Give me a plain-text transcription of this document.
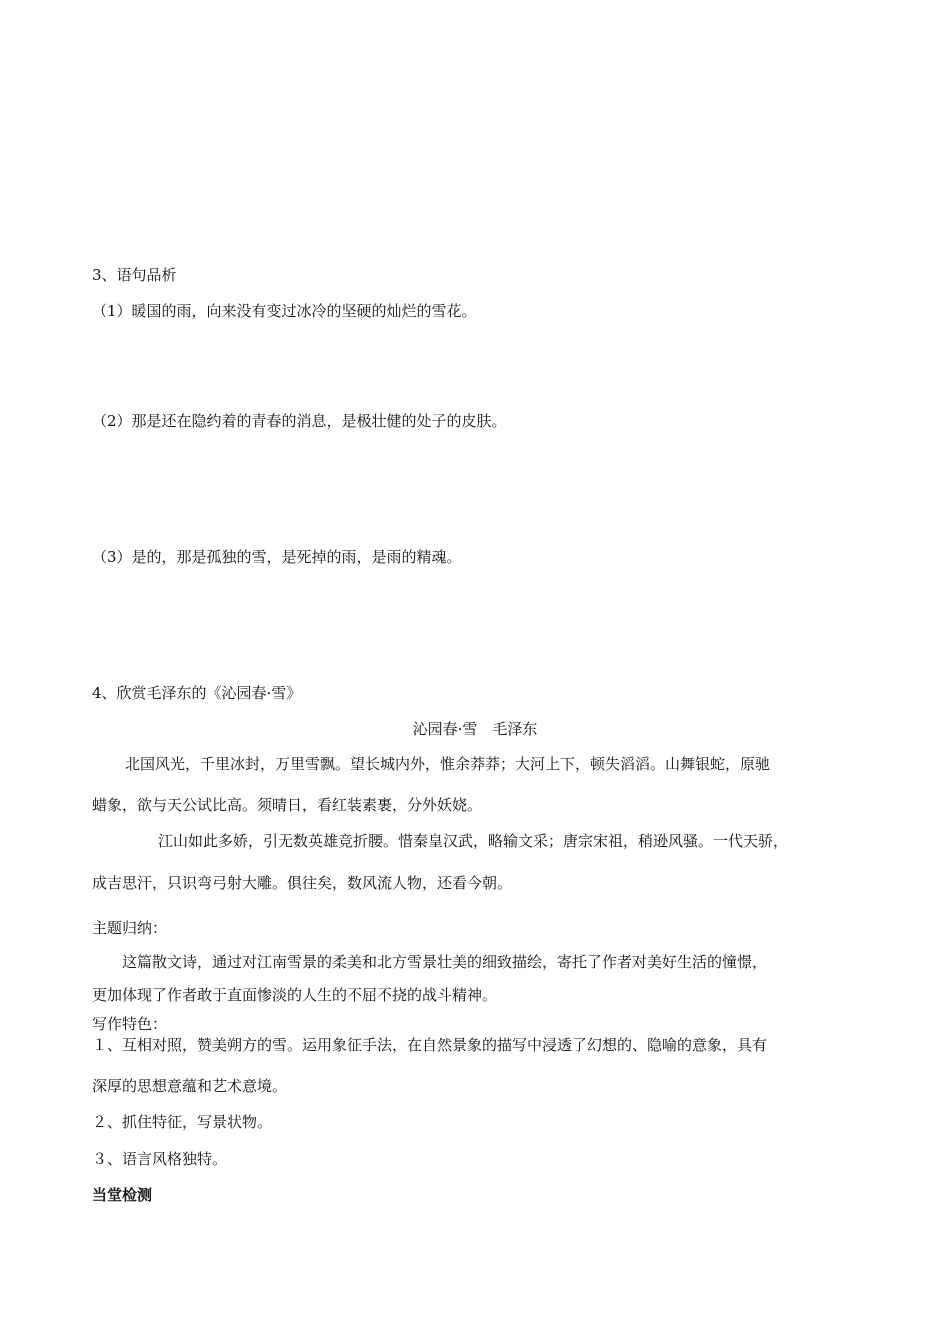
3、语句品析
（1）暖国的雨，向来没有变过冰冷的坚硬的灿烂的雪花。
（2）那是还在隐约着的青春的消息，是极壮健的处子的皮肤。
（3）是的，那是孤独的雪，是死掉的雨，是雨的精魂。
4、欣赏毛泽东的《沁园春·雪》
沁园春·雪　毛泽东
北国风光，千里冰封，万里雪飘。望长城内外，惟余莽莽；大河上下，顿失滔滔。山舞银蛇，原驰
蜡象，欲与天公试比高。须晴日，看红装素裹，分外妖娆。
江山如此多娇，引无数英雄竞折腰。惜秦皇汉武，略输文采；唐宗宋祖，稍逊风骚。一代天骄，
成吉思汗，只识弯弓射大雕。俱往矣，数风流人物，还看今朝。
主题归纳：
这篇散文诗，通过对江南雪景的柔美和北方雪景壮美的细致描绘，寄托了作者对美好生活的憧憬，
更加体现了作者敢于直面惨淡的人生的不屈不挠的战斗精神。
写作特色：
１、互相对照，赞美朔方的雪。运用象征手法，在自然景象的描写中浸透了幻想的、隐喻的意象，具有
深厚的思想意蕴和艺术意境。
２、抓住特征，写景状物。
３、语言风格独特。
当堂检测
